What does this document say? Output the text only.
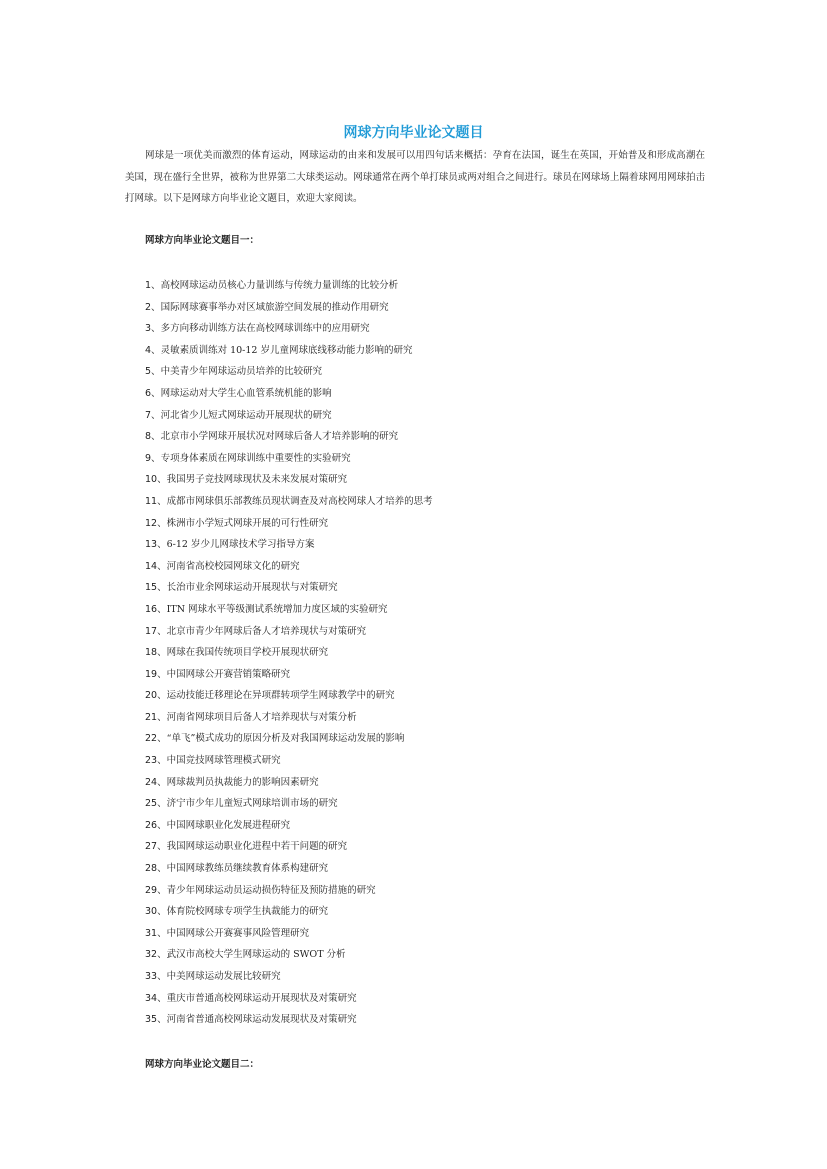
网球方向毕业论文题目

网球是一项优美而激烈的体育运动，网球运动的由来和发展可以用四句话来概括：孕育在法国，诞生在英国，开始普及和形成高潮在美国，现在盛行全世界，被称为世界第二大球类运动。网球通常在两个单打球员或两对组合之间进行。球员在网球场上隔着球网用网球拍击打网球。以下是网球方向毕业论文题目，欢迎大家阅读。

网球方向毕业论文题目一：

1、高校网球运动员核心力量训练与传统力量训练的比较分析
2、国际网球赛事举办对区域旅游空间发展的推动作用研究
3、多方向移动训练方法在高校网球训练中的应用研究
4、灵敏素质训练对 10-12 岁儿童网球底线移动能力影响的研究
5、中美青少年网球运动员培养的比较研究
6、网球运动对大学生心血管系统机能的影响
7、河北省少儿短式网球运动开展现状的研究
8、北京市小学网球开展状况对网球后备人才培养影响的研究
9、专项身体素质在网球训练中重要性的实验研究
10、我国男子竞技网球现状及未来发展对策研究
11、成都市网球俱乐部教练员现状调查及对高校网球人才培养的思考
12、株洲市小学短式网球开展的可行性研究
13、6-12 岁少儿网球技术学习指导方案
14、河南省高校校园网球文化的研究
15、长治市业余网球运动开展现状与对策研究
16、ITN 网球水平等级测试系统增加力度区域的实验研究
17、北京市青少年网球后备人才培养现状与对策研究
18、网球在我国传统项目学校开展现状研究
19、中国网球公开赛营销策略研究
20、运动技能迁移理论在异项群转项学生网球教学中的研究
21、河南省网球项目后备人才培养现状与对策分析
22、“单飞”模式成功的原因分析及对我国网球运动发展的影响
23、中国竞技网球管理模式研究
24、网球裁判员执裁能力的影响因素研究
25、济宁市少年儿童短式网球培训市场的研究
26、中国网球职业化发展进程研究
27、我国网球运动职业化进程中若干问题的研究
28、中国网球教练员继续教育体系构建研究
29、青少年网球运动员运动损伤特征及预防措施的研究
30、体育院校网球专项学生执裁能力的研究
31、中国网球公开赛赛事风险管理研究
32、武汉市高校大学生网球运动的 SWOT 分析
33、中美网球运动发展比较研究
34、重庆市普通高校网球运动开展现状及对策研究
35、河南省普通高校网球运动发展现状及对策研究

网球方向毕业论文题目二：
